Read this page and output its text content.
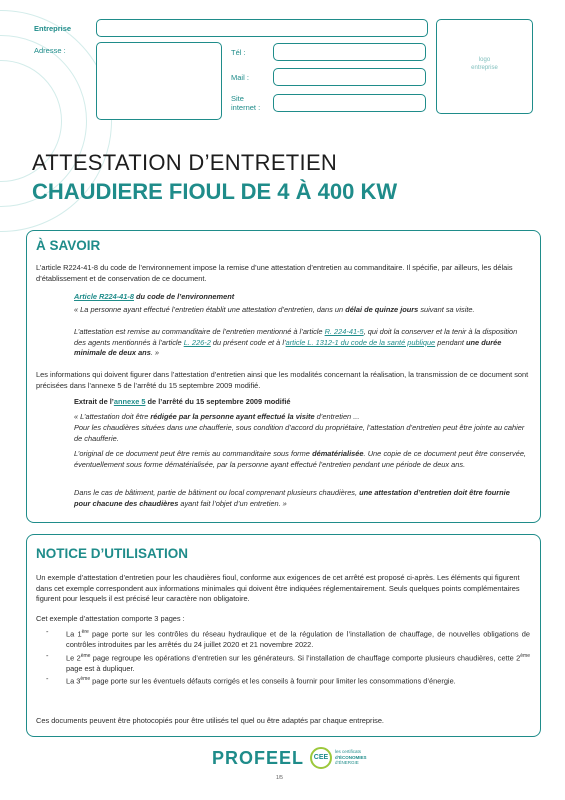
Entreprise
Adresse :	Tél :
Mail :
Site
internet :
logo
entreprise
ATTESTATION D’ENTRETIEN
CHAUDIERE FIOUL DE 4 À 400 KW
À SAVOIR

L’article R224-41-8 du code de l’environnement impose la remise d’une attestation d’entretien au commanditaire. Il spécifie, par ailleurs, les délais d’établissement et de conservation de ce document.

Article R224-41-8 du code de l’environnement

« La personne ayant effectué l’entretien établit une attestation d’entretien, dans un délai de quinze jours suivant sa visite.

L’attestation est remise au commanditaire de l’entretien mentionné à l’article R. 224-41-5, qui doit la conserver et la tenir à la disposition des agents mentionnés à l’article L. 226-2 du présent code et à l’article L. 1312-1 du code de la santé publique pendant une durée minimale de deux ans. »

Les informations qui doivent figurer dans l’attestation d’entretien ainsi que les modalités concernant la réalisation, la transmission de ce document sont précisées dans l’annexe 5 de l’arrêté du 15 septembre 2009 modifié.

Extrait de l’annexe 5 de l’arrêté du 15 septembre 2009 modifié

« L’attestation doit être rédigée par la personne ayant effectué la visite d’entretien ...

Pour les chaudières situées dans une chaufferie, sous condition d’accord du propriétaire, l’attestation d’entretien peut être jointe au cahier de chaufferie.

L’original de ce document peut être remis au commanditaire sous forme dématérialisée. Une copie de ce document peut être conservée, éventuellement sous forme dématérialisée, par la personne ayant effectué l’entretien pendant une période de deux ans.

Dans le cas de bâtiment, partie de bâtiment ou local comprenant plusieurs chaudières, une attestation d’entretien doit être fournie pour chacune des chaudières ayant fait l’objet d’un entretien. »

NOTICE D’UTILISATION

Un exemple d’attestation d’entretien pour les chaudières fioul, conforme aux exigences de cet arrêté est proposé ci-après. Les éléments qui figurent dans cet exemple correspondent aux informations minimales qui doivent être indiquées réglementairement. Seuls quelques points complémentaires figurent pour lesquels il est précisé leur caractère non obligatoire.

Cet exemple d’attestation comporte 3 pages :

- La 1ère page porte sur les contrôles du réseau hydraulique et de la régulation de l’installation de chauffage, de nouvelles obligations de contrôles introduites par les arrêtés du 24 juillet 2020 et 21 novembre 2022.
- Le 2ème page regroupe les opérations d’entretien sur les générateurs. Si l’installation de chauffage comporte plusieurs chaudières, cette 2ème page est à dupliquer.
- La 3ème page porte sur les éventuels défauts corrigés et les conseils à fournir pour limiter les consommations d’énergie.

Ces documents peuvent être photocopiés pour être utilisés tel quel ou être adaptés par chaque entreprise.

PROFEEL	CEE
les certificats
d’ÉCONOMIES
d’ÉNERGIE
1/5
